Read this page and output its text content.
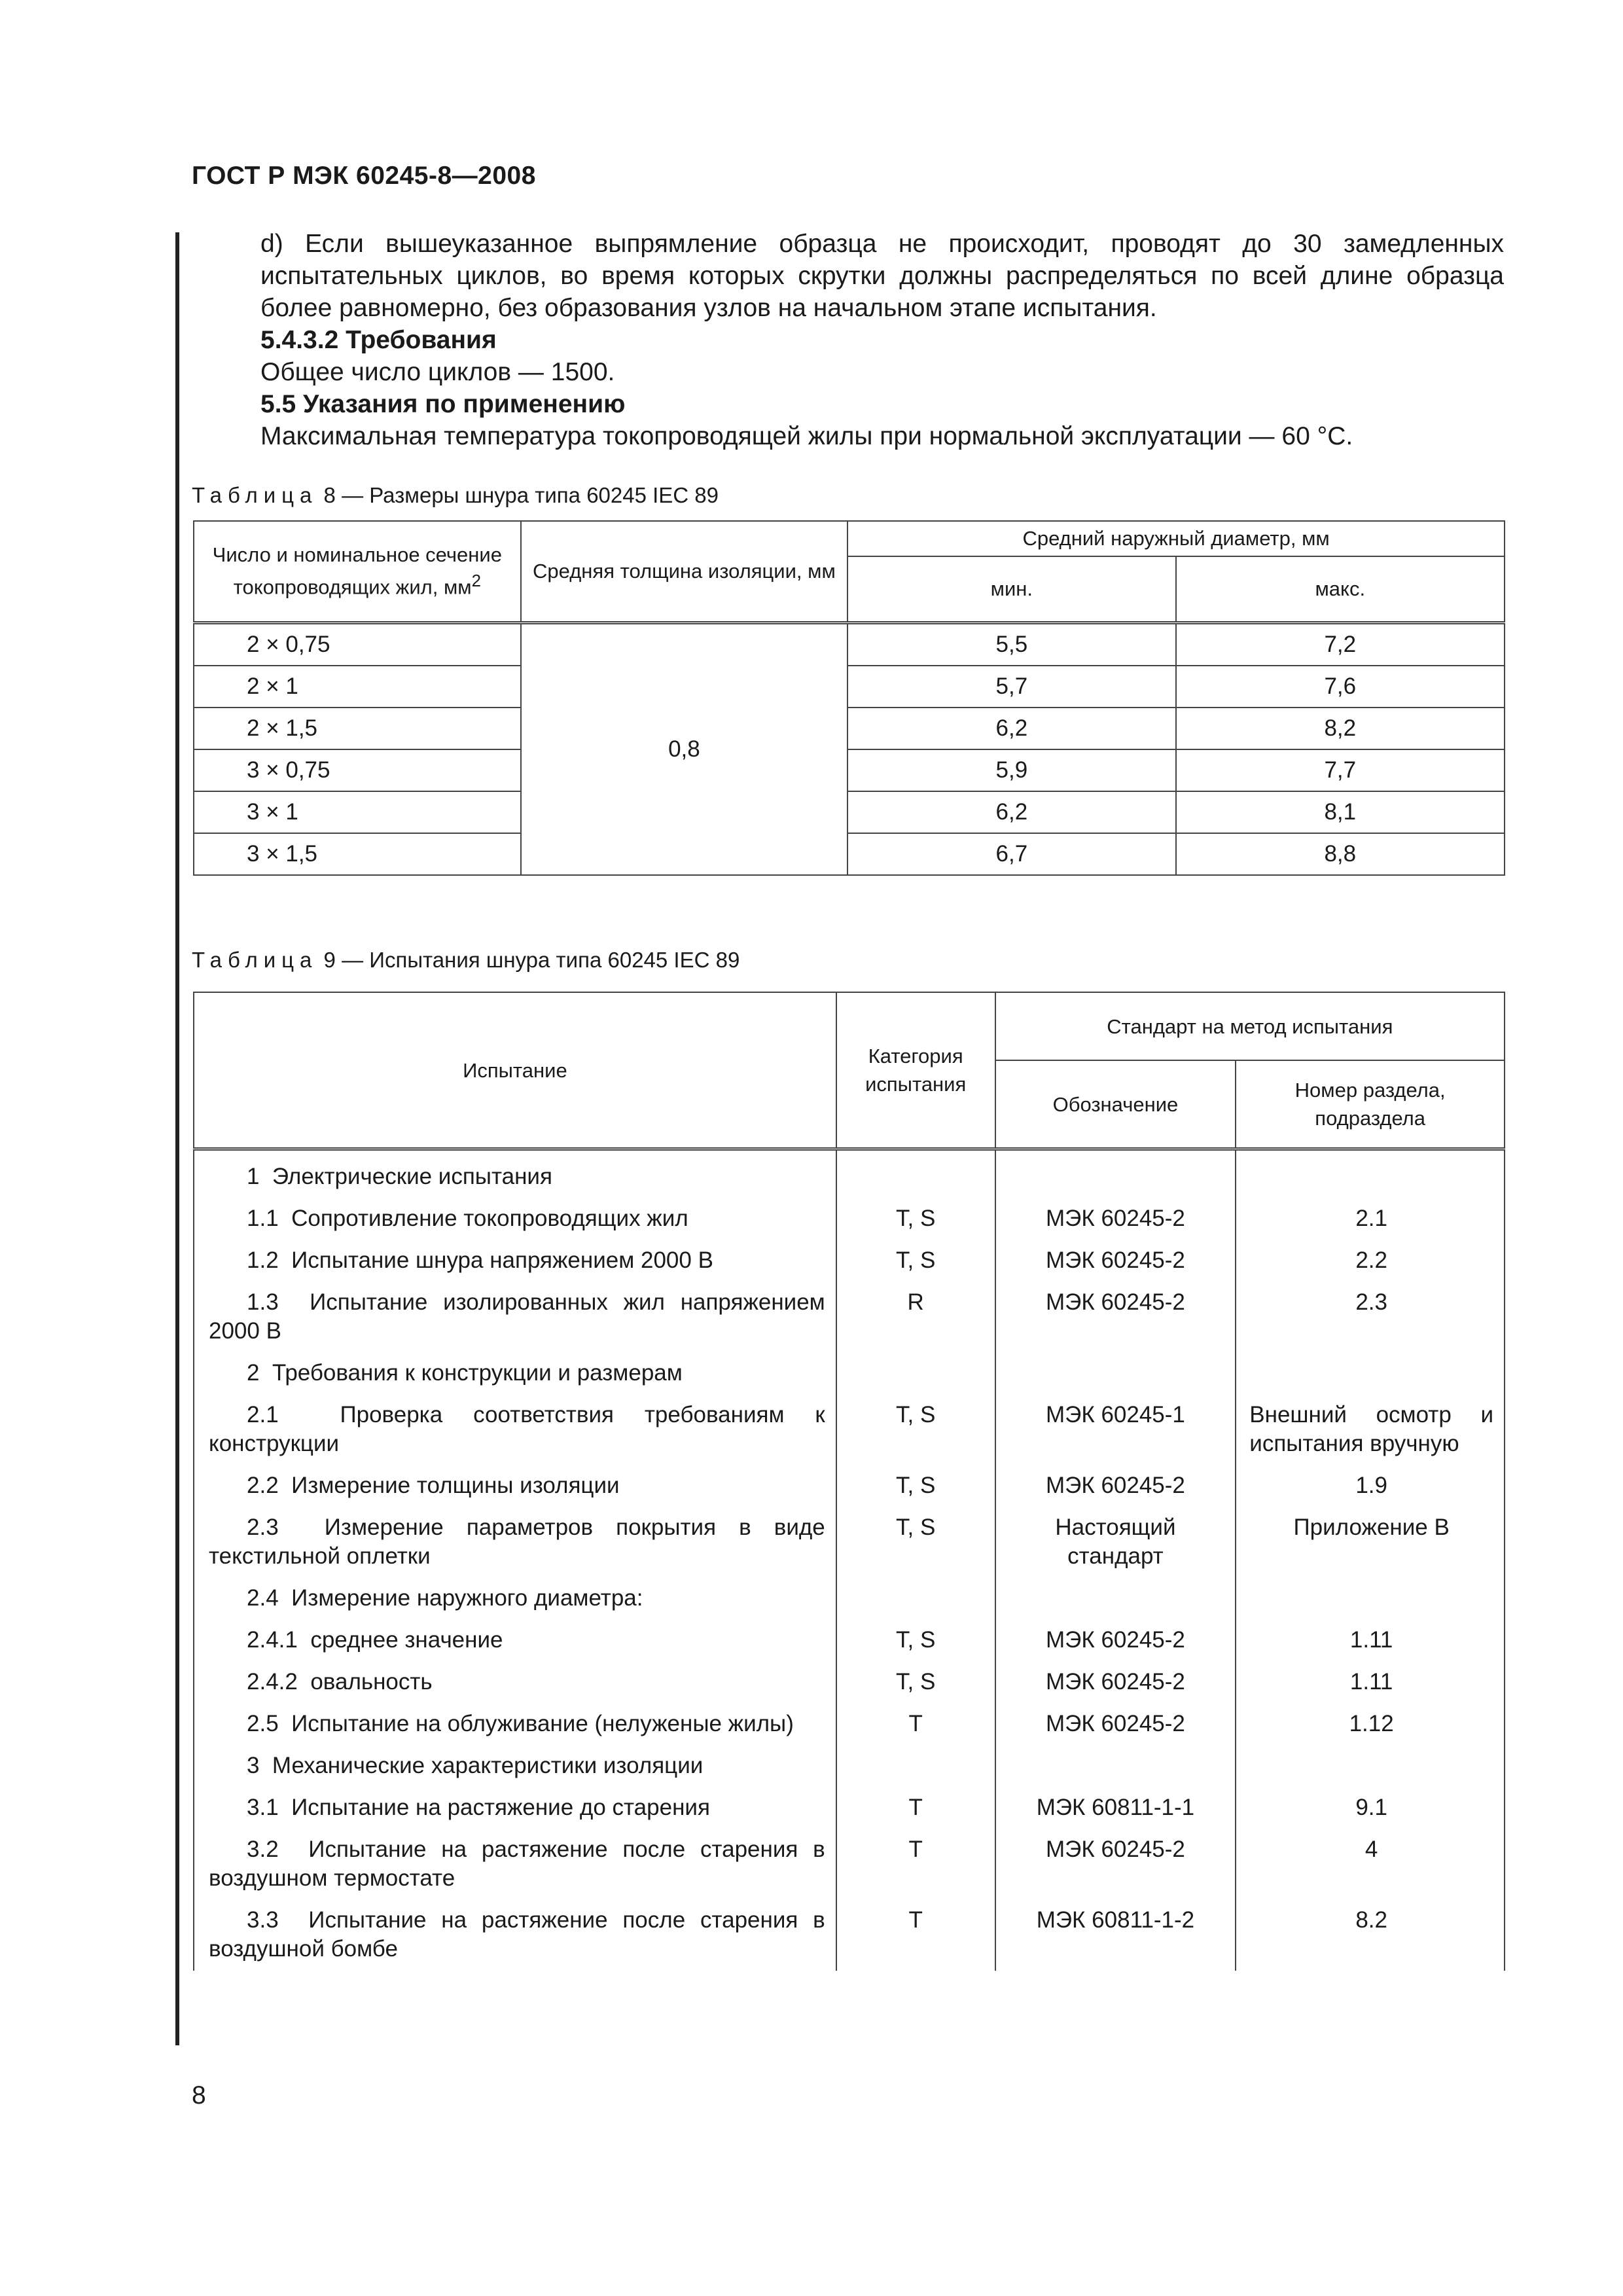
ГОСТ Р МЭК 60245-8—2008

d) Если вышеуказанное выпрямление образца не происходит, проводят до 30 замедленных испытательных циклов, во время которых скрутки должны распределяться по всей длине образца более равномерно, без образования узлов на начальном этапе испытания.

5.4.3.2 Требования

Общее число циклов — 1500.

5.5 Указания по применению

Максимальная температура токопроводящей жилы при нормальной эксплуатации — 60 °С.

Таблица 8 — Размеры шнура типа 60245 IEC 89
Число и номинальное сечение токопроводящих жил, $мм^2$	Средняя толщина изоляции, мм	Средний наружный диаметр, мм	
		мин.	макс.
2 × 0,75	0,8	5,5	7,2
2 × 1		5,7	7,6
2 × 1,5		6,2	8,2
3 × 0,75		5,9	7,7
3 × 1		6,2	8,1
3 × 1,5		6,7	8,8
Таблица 9 — Испытания шнура типа 60245 IEC 89
Испытание	Категория испытания	Стандарт на метод испытания	
		Обозначение	Номер раздела, подраздела
1 Электрические испытания			
1.1 Сопротивление токопроводящих жил	T, S	МЭК 60245-2	2.1
1.2 Испытание шнура напряжением 2000 В	T, S	МЭК 60245-2	2.2
1.3 Испытание изолированных жил напряжением 2000 В	R	МЭК 60245-2	2.3
2 Требования к конструкции и размерам			
2.1 Проверка соответствия требованиям к конструкции	T, S	МЭК 60245-1	Внешний осмотр и испытания вручную
2.2 Измерение толщины изоляции	T, S	МЭК 60245-2	1.9
2.3 Измерение параметров покрытия в виде текстильной оплетки	T, S	Настоящий стандарт	Приложение В
2.4 Измерение наружного диаметра:			
2.4.1 среднее значение	T, S	МЭК 60245-2	1.11
2.4.2 овальность	T, S	МЭК 60245-2	1.11
2.5 Испытание на облуживание (нелуженые жилы)	T	МЭК 60245-2	1.12
3 Механические характеристики изоляции			
3.1 Испытание на растяжение до старения	T	МЭК 60811-1-1	9.1
3.2 Испытание на растяжение после старения в воздушном термостате	T	МЭК 60245-2	4
3.3 Испытание на растяжение после старения в воздушной бомбе	T	МЭК 60811-1-2	8.2
8
